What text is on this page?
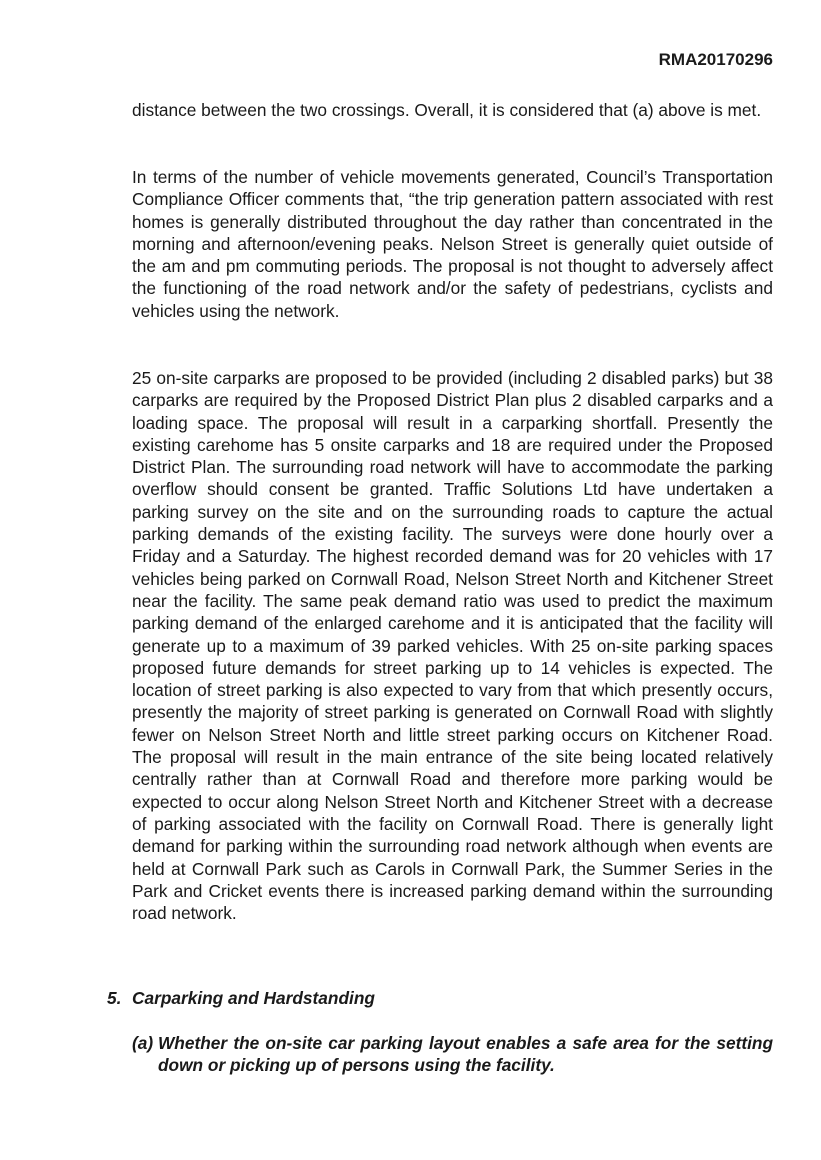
RMA20170296

distance between the two crossings. Overall, it is considered that (a) above is met.

In terms of the number of vehicle movements generated, Council’s Transportation Compliance Officer comments that, “the trip generation pattern associated with rest homes is generally distributed throughout the day rather than concentrated in the morning and afternoon/evening peaks. Nelson Street is generally quiet outside of the am and pm commuting periods. The proposal is not thought to adversely affect the functioning of the road network and/or the safety of pedestrians, cyclists and vehicles using the network.

25 on-site carparks are proposed to be provided (including 2 disabled parks) but 38 carparks are required by the Proposed District Plan plus 2 disabled carparks and a loading space. The proposal will result in a carparking shortfall. Presently the existing carehome has 5 onsite carparks and 18 are required under the Proposed District Plan. The surrounding road network will have to accommodate the parking overflow should consent be granted. Traffic Solutions Ltd have undertaken a parking survey on the site and on the surrounding roads to capture the actual parking demands of the existing facility. The surveys were done hourly over a Friday and a Saturday. The highest recorded demand was for 20 vehicles with 17 vehicles being parked on Cornwall Road, Nelson Street North and Kitchener Street near the facility. The same peak demand ratio was used to predict the maximum parking demand of the enlarged carehome and it is anticipated that the facility will generate up to a maximum of 39 parked vehicles. With 25 on-site parking spaces proposed future demands for street parking up to 14 vehicles is expected. The location of street parking is also expected to vary from that which presently occurs, presently the majority of street parking is generated on Cornwall Road with slightly fewer on Nelson Street North and little street parking occurs on Kitchener Road. The proposal will result in the main entrance of the site being located relatively centrally rather than at Cornwall Road and therefore more parking would be expected to occur along Nelson Street North and Kitchener Street with a decrease of parking associated with the facility on Cornwall Road. There is generally light demand for parking within the surrounding road network although when events are held at Cornwall Park such as Carols in Cornwall Park, the Summer Series in the Park and Cricket events there is increased parking demand within the surrounding road network.

5. Carparking and Hardstanding
(a) Whether the on-site car parking layout enables a safe area for the setting down or picking up of persons using the facility.
